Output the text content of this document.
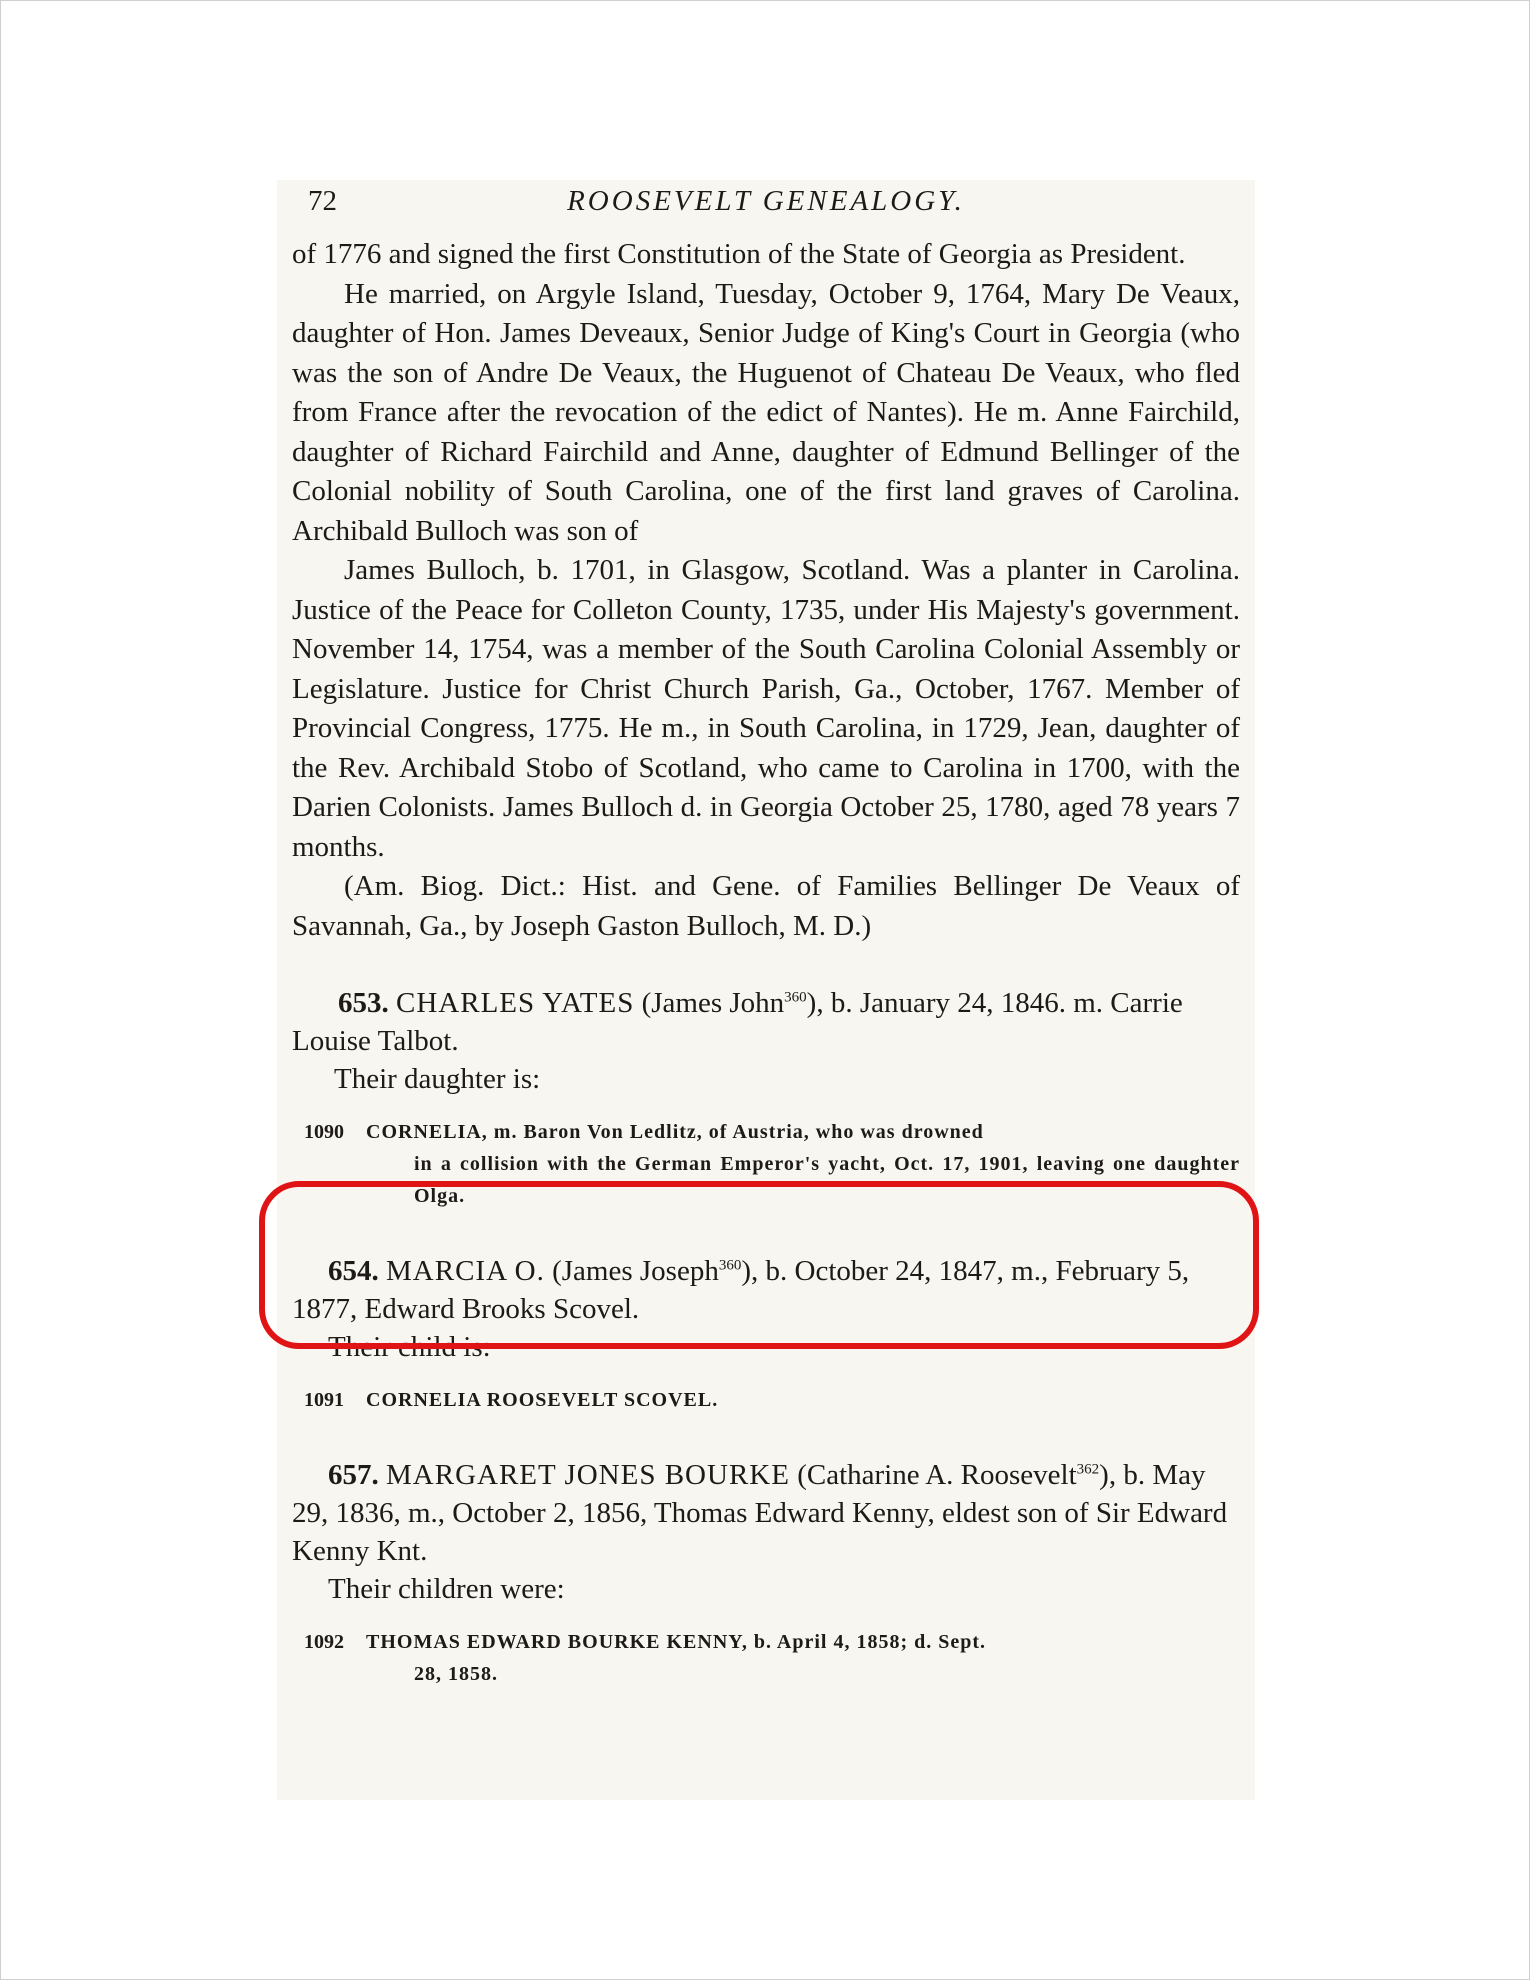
72	ROOSEVELT GENEALOGY.

of 1776 and signed the first Constitution of the State of Georgia as President.

He married, on Argyle Island, Tuesday, October 9, 1764, Mary De Veaux, daughter of Hon. James Deveaux, Senior Judge of King's Court in Georgia (who was the son of Andre De Veaux, the Huguenot of Chateau De Veaux, who fled from France after the revocation of the edict of Nantes). He m. Anne Fairchild, daughter of Richard Fairchild and Anne, daughter of Edmund Bellinger of the Colonial nobility of South Carolina, one of the first land graves of Carolina. Archibald Bulloch was son of

James Bulloch, b. 1701, in Glasgow, Scotland. Was a planter in Carolina. Justice of the Peace for Colleton County, 1735, under His Majesty's government. November 14, 1754, was a member of the South Carolina Colonial Assembly or Legislature. Justice for Christ Church Parish, Ga., October, 1767. Member of Provincial Congress, 1775. He m., in South Carolina, in 1729, Jean, daughter of the Rev. Archibald Stobo of Scotland, who came to Carolina in 1700, with the Darien Colonists. James Bulloch d. in Georgia October 25, 1780, aged 78 years 7 months.

(Am. Biog. Dict.: Hist. and Gene. of Families Bellinger De Veaux of Savannah, Ga., by Joseph Gaston Bulloch, M. D.)

653. CHARLES YATES (James John$^{360}$), b. January 24, 1846. m. Carrie Louise Talbot.
Their daughter is:
1090	CORNELIA, m. Baron Von Ledlitz, of Austria, who was drowned
in a collision with the German Emperor's yacht, Oct. 17, 1901, leaving one daughter Olga.
654. MARCIA O. (James Joseph$^{360}$), b. October 24, 1847, m., February 5, 1877, Edward Brooks Scovel.
Their child is:
1091	CORNELIA ROOSEVELT SCOVEL.
657. MARGARET JONES BOURKE (Catharine A. Roosevelt$^{362}$), b. May 29, 1836, m., October 2, 1856, Thomas Edward Kenny, eldest son of Sir Edward Kenny Knt.
Their children were:
1092	THOMAS EDWARD BOURKE KENNY, b. April 4, 1858; d. Sept.
28, 1858.
